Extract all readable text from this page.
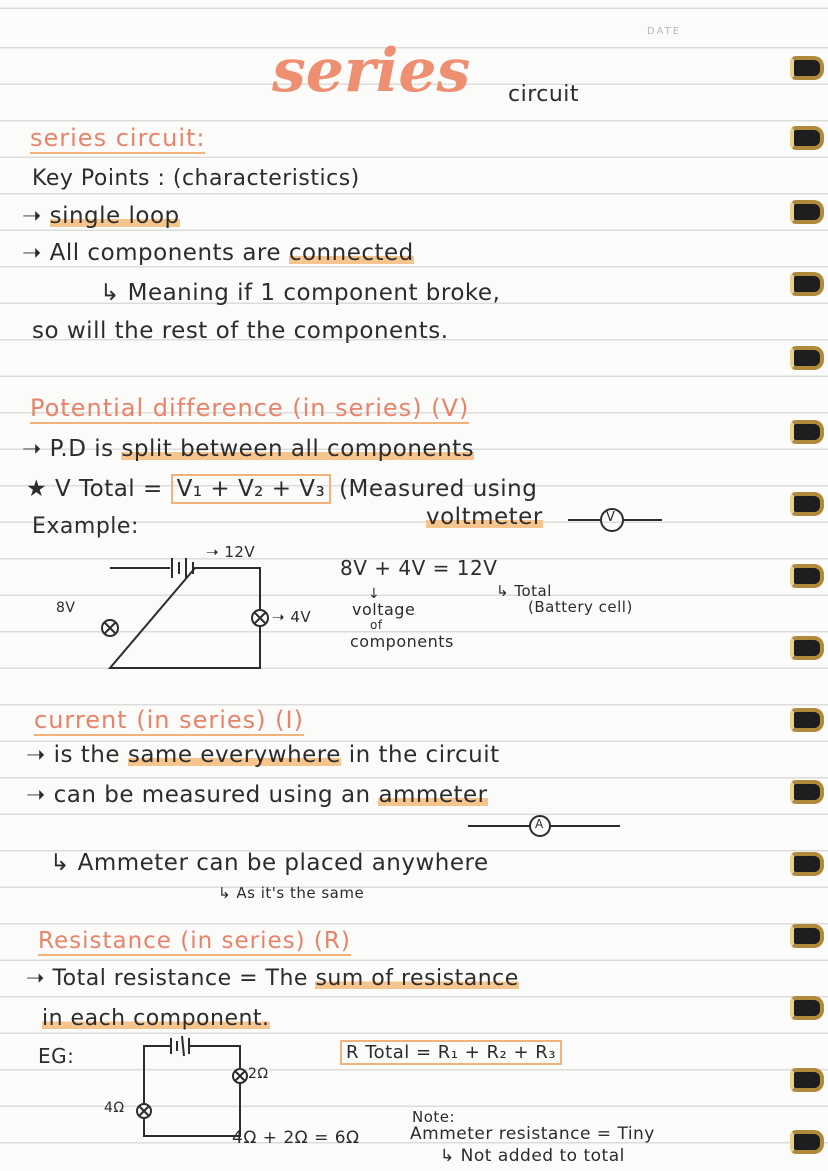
DATE
series circuit
series circuit:
Key Points : (characteristics)
➝ single loop
➝ All components are connected
↳ Meaning if 1 component broke,
so will the rest of the components.
Potential difference (in series) (V)
➝ P.D is split between all components
★ V Total = V₁ + V₂ + V₃ (Measured using
voltmeter	V
Example:
➝ 12V
8V	➝ 4V
8V + 4V = 12V
↳ Total
(Battery cell)
↓
voltage
of
components
current (in series) (I)
➝ is the same everywhere in the circuit
➝ can be measured using an ammeter
A
↳ Ammeter can be placed anywhere
↳ As it's the same
Resistance (in series) (R)
➝ Total resistance = The sum of resistance
in each component.
EG:	R Total = R₁ + R₂ + R₃
2Ω
4Ω
4Ω + 2Ω = 6Ω
Note:
Ammeter resistance = Tiny
↳ Not added to total
